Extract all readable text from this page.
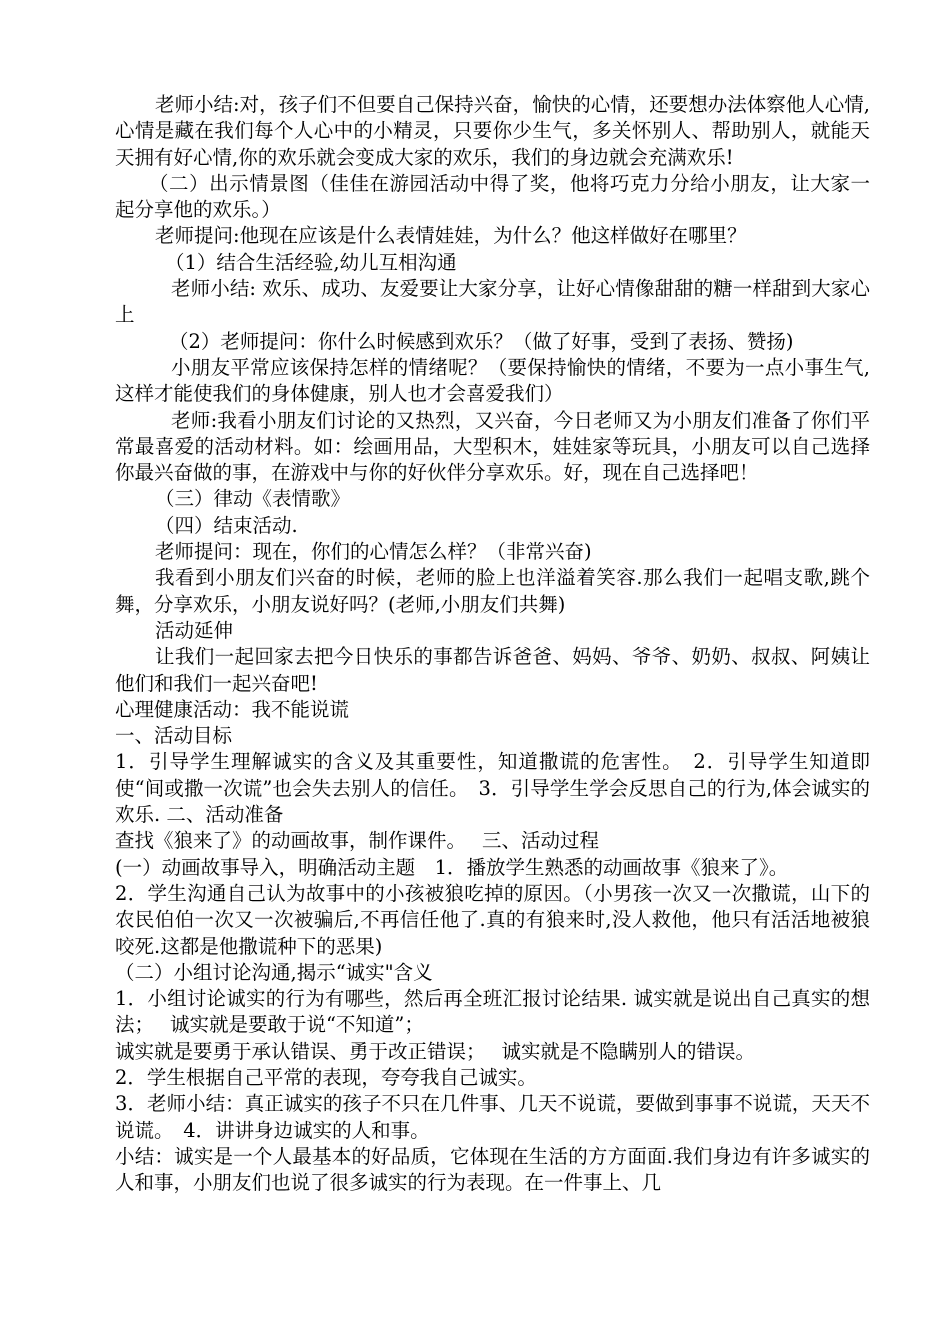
老师小结:对，孩子们不但要自己保持兴奋，愉快的心情，还要想办法体察他人心情,心情是藏在我们每个人心中的小精灵，只要你少生气，多关怀别人、帮助别人，就能天天拥有好心情,你的欢乐就会变成大家的欢乐，我们的身边就会充满欢乐!

（二）出示情景图（佳佳在游园活动中得了奖，他将巧克力分给小朋友，让大家一起分享他的欢乐。）

老师提问:他现在应该是什么表情娃娃，为什么？他这样做好在哪里？

（1）结合生活经验,幼儿互相沟通

老师小结: 欢乐、成功、友爱要让大家分享，让好心情像甜甜的糖一样甜到大家心上

（2）老师提问：你什么时候感到欢乐？（做了好事，受到了表扬、赞扬)

小朋友平常应该保持怎样的情绪呢？（要保持愉快的情绪，不要为一点小事生气,这样才能使我们的身体健康，别人也才会喜爱我们）

老师:我看小朋友们讨论的又热烈，又兴奋，今日老师又为小朋友们准备了你们平常最喜爱的活动材料。如：绘画用品，大型积木，娃娃家等玩具，小朋友可以自己选择你最兴奋做的事，在游戏中与你的好伙伴分享欢乐。好，现在自己选择吧！

（三）律动《表情歌》

（四）结束活动.

老师提问：现在，你们的心情怎么样？（非常兴奋)

我看到小朋友们兴奋的时候，老师的脸上也洋溢着笑容.那么我们一起唱支歌,跳个舞，分享欢乐，小朋友说好吗？(老师,小朋友们共舞)

活动延伸

让我们一起回家去把今日快乐的事都告诉爸爸、妈妈、爷爷、奶奶、叔叔、阿姨让他们和我们一起兴奋吧!

心理健康活动：我不能说谎

一、活动目标

1．引导学生理解诚实的含义及其重要性，知道撒谎的危害性。　2．引导学生知道即使“间或撒一次谎”也会失去别人的信任。　3．引导学生学会反思自己的行为,体会诚实的欢乐. 二、活动准备

查找《狼来了》的动画故事，制作课件。　 三、活动过程

(一）动画故事导入，明确活动主题　1．播放学生熟悉的动画故事《狼来了》。

2．学生沟通自己认为故事中的小孩被狼吃掉的原因。（小男孩一次又一次撒谎，山下的农民伯伯一次又一次被骗后,不再信任他了.真的有狼来时,没人救他，他只有活活地被狼咬死.这都是他撒谎种下的恶果)

（二）小组讨论沟通,揭示“诚实"含义

1．小组讨论诚实的行为有哪些，然后再全班汇报讨论结果. 诚实就是说出自己真实的想法；　 诚实就是要敢于说“不知道”；

诚实就是要勇于承认错误、勇于改正错误；　 诚实就是不隐瞒别人的错误。

2．学生根据自己平常的表现，夸夸我自己诚实。

3．老师小结：真正诚实的孩子不只在几件事、几天不说谎，要做到事事不说谎，天天不说谎。　4．讲讲身边诚实的人和事。

小结：诚实是一个人最基本的好品质，它体现在生活的方方面面.我们身边有许多诚实的人和事，小朋友们也说了很多诚实的行为表现。在一件事上、几
